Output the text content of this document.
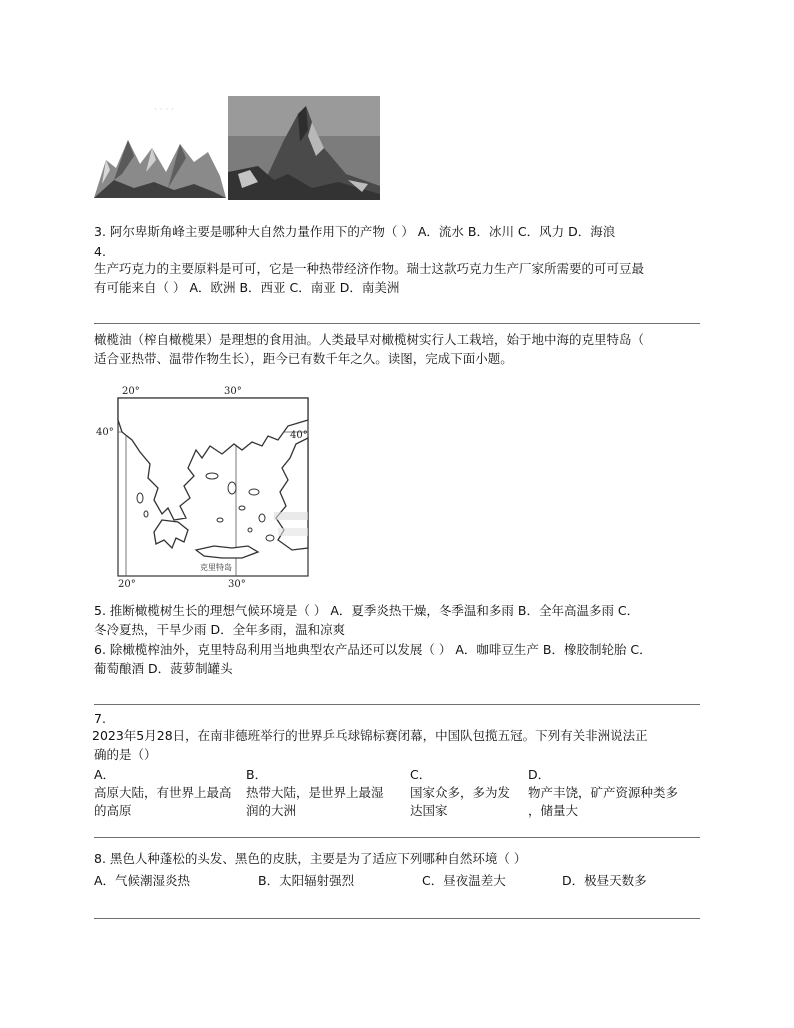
· · · ·
3. 阿尔卑斯角峰主要是哪种大自然力量作用下的产物（ ） A．流水 B．冰川 C．风力 D．海浪
4.
生产巧克力的主要原料是可可，它是一种热带经济作物。瑞士这款巧克力生产厂家所需要的可可豆最
有可能来自（ ） A．欧洲 B．西亚 C．南亚 D．南美洲
橄榄油（榨自橄榄果）是理想的食用油。人类最早对橄榄树实行人工栽培，始于地中海的克里特岛（
适合亚热带、温带作物生长），距今已有数千年之久。读图，完成下面小题。
20°	30°
40°	40°
20°	30°
克里特岛
5. 推断橄榄树生长的理想气候环境是（ ） A．夏季炎热干燥，冬季温和多雨 B．全年高温多雨 C．
冬冷夏热，干旱少雨 D．全年多雨，温和凉爽
6. 除橄榄榨油外，克里特岛利用当地典型农产品还可以发展（ ） A．咖啡豆生产 B．橡胶制轮胎 C．
葡萄酿酒 D．菠萝制罐头
7.
2023年5月28日，在南非德班举行的世界乒乓球锦标赛闭幕，中国队包揽五冠。下列有关非洲说法正
确的是（）
A．
高原大陆，有世界上最高
的高原
B．
热带大陆，是世界上最湿
润的大洲
C．
国家众多，多为发
达国家
D．
物产丰饶，矿产资源种类多
，储量大
8. 黑色人种蓬松的头发、黑色的皮肤，主要是为了适应下列哪种自然环境（ ）
A．气候潮湿炎热	B．太阳辐射强烈	C．昼夜温差大	D．极昼天数多
